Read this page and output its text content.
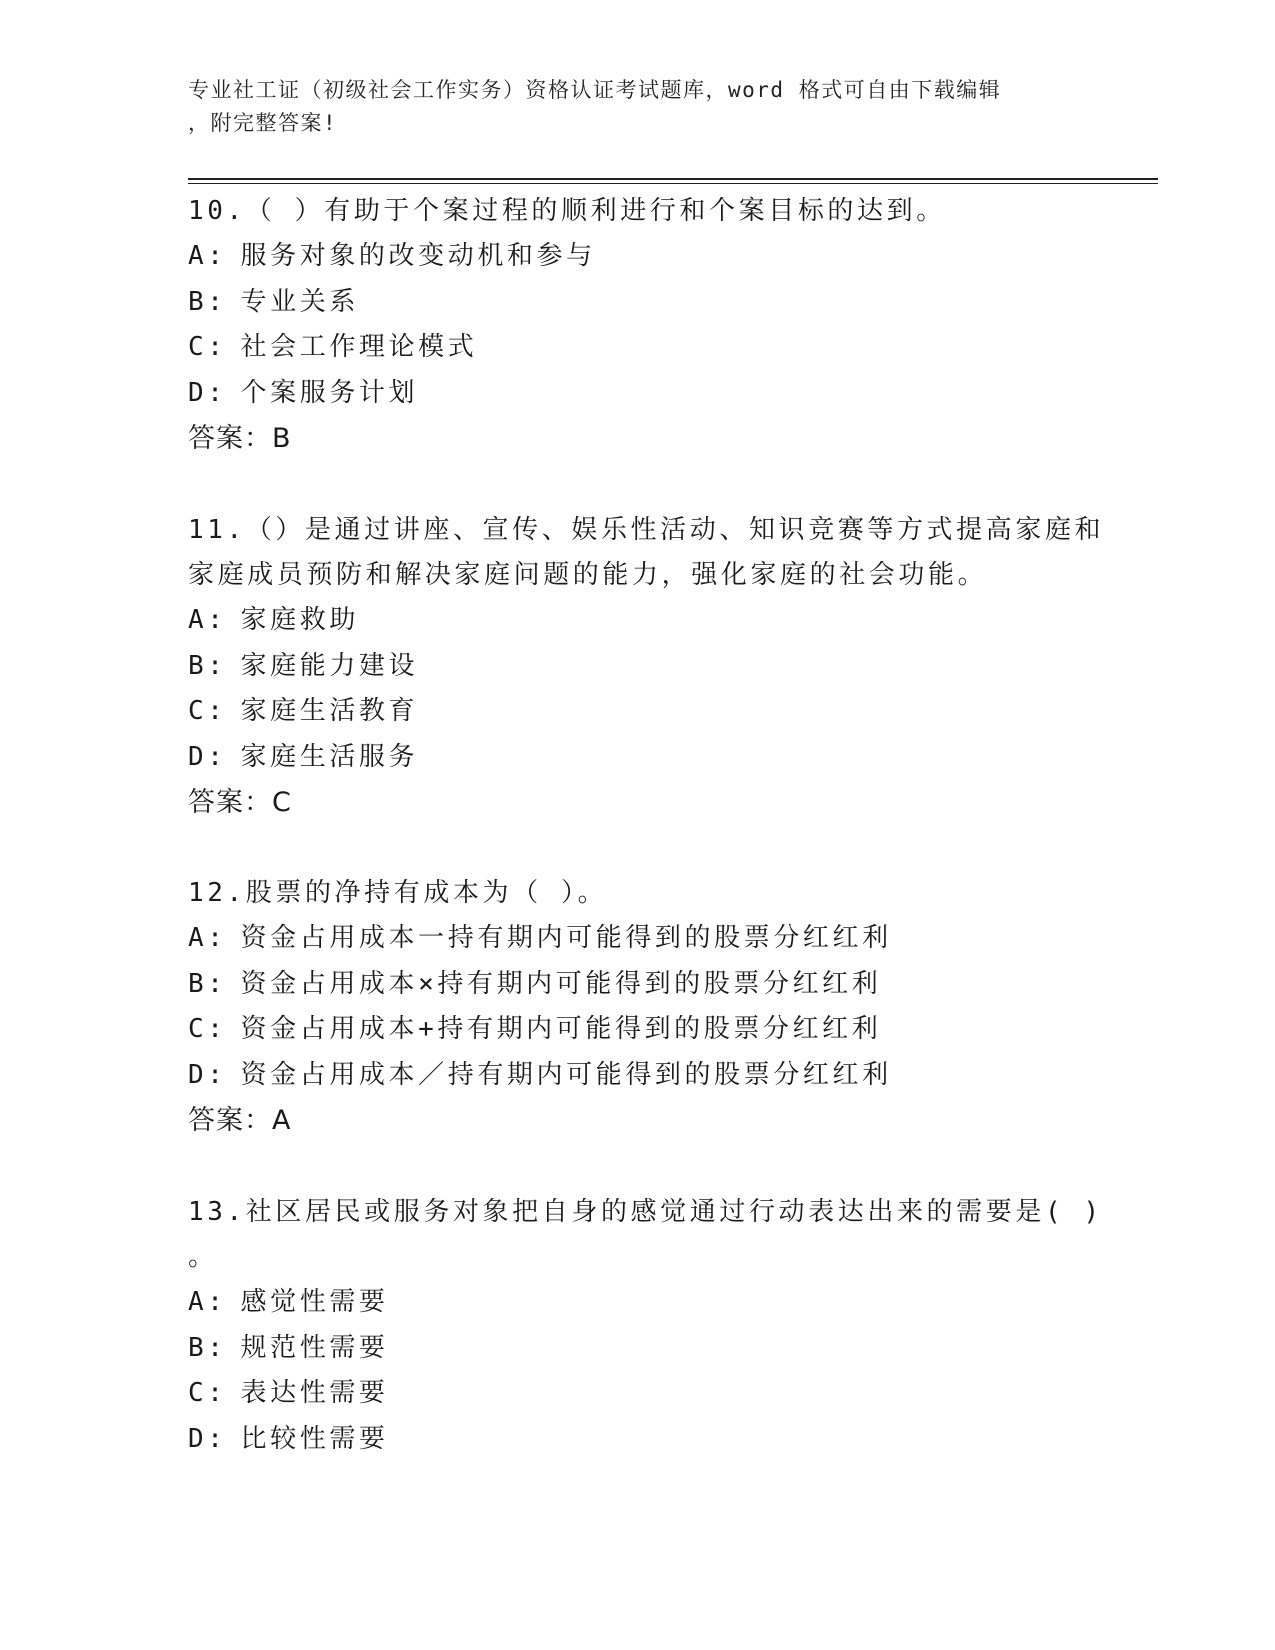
专业社工证（初级社会工作实务）资格认证考试题库，word 格式可自由下载编辑
，附完整答案!
10.（ ）有助于个案过程的顺利进行和个案目标的达到。
A: 服务对象的改变动机和参与
B: 专业关系
C: 社会工作理论模式
D: 个案服务计划
答案：B
11.（）是通过讲座、宣传、娱乐性活动、知识竞赛等方式提高家庭和
家庭成员预防和解决家庭问题的能力，强化家庭的社会功能。
A: 家庭救助
B: 家庭能力建设
C: 家庭生活教育
D: 家庭生活服务
答案：C
12.股票的净持有成本为（ ）。
A: 资金占用成本一持有期内可能得到的股票分红红利
B: 资金占用成本×持有期内可能得到的股票分红红利
C: 资金占用成本+持有期内可能得到的股票分红红利
D: 资金占用成本／持有期内可能得到的股票分红红利
答案：A
13.社区居民或服务对象把自身的感觉通过行动表达出来的需要是( )
。
A: 感觉性需要
B: 规范性需要
C: 表达性需要
D: 比较性需要
